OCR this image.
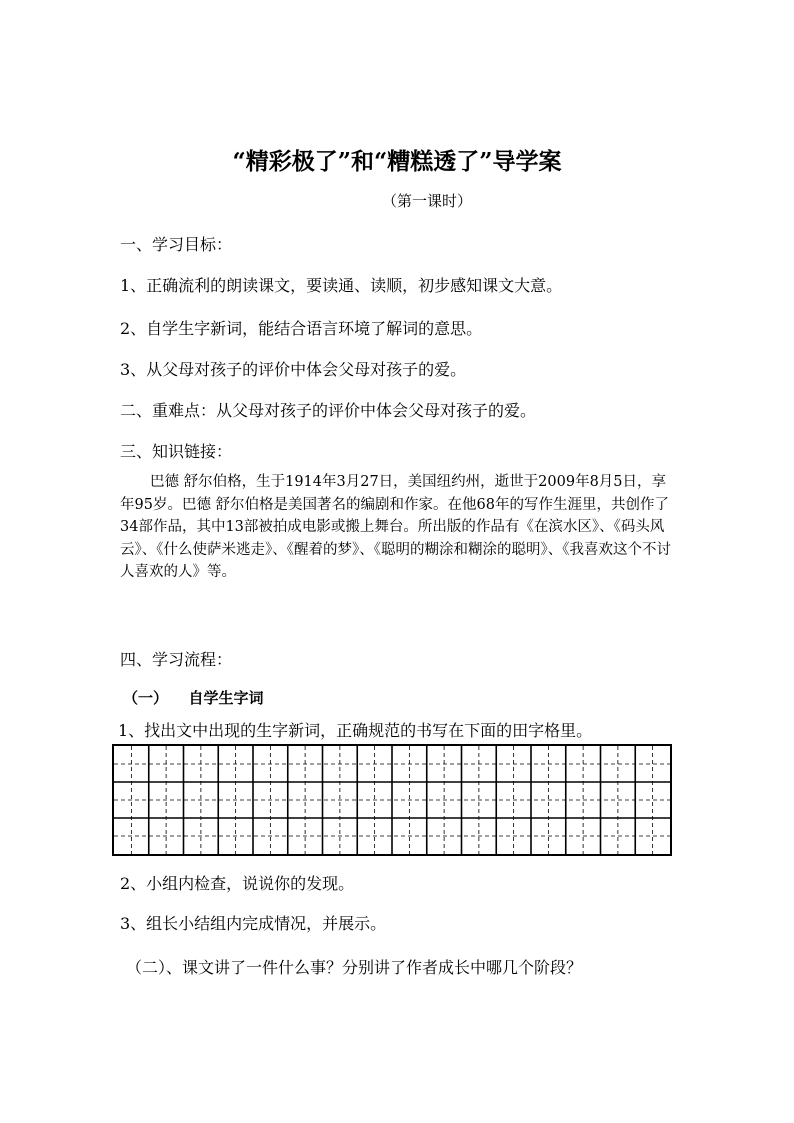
“精彩极了”和“糟糕透了”导学案
（第一课时）
一、学习目标：
1、正确流利的朗读课文，要读通、读顺，初步感知课文大意。
2、自学生字新词，能结合语言环境了解词的意思。
3、从父母对孩子的评价中体会父母对孩子的爱。
二、重难点：从父母对孩子的评价中体会父母对孩子的爱。
三、知识链接：
巴德 舒尔伯格，生于1914年3月27日，美国纽约州，逝世于2009年8月5日，享年95岁。巴德 舒尔伯格是美国著名的编剧和作家。在他68年的写作生涯里，共创作了34部作品，其中13部被拍成电影或搬上舞台。所出版的作品有《在滨水区》、《码头风云》、《什么使萨米逃走》、《醒着的梦》、《聪明的糊涂和糊涂的聪明》、《我喜欢这个不讨人喜欢的人》等。
四、学习流程：
（一） 自学生字词
1、找出文中出现的生字新词，正确规范的书写在下面的田字格里。
2、小组内检查，说说你的发现。
3、组长小结组内完成情况，并展示。
（二）、课文讲了一件什么事？分别讲了作者成长中哪几个阶段？
